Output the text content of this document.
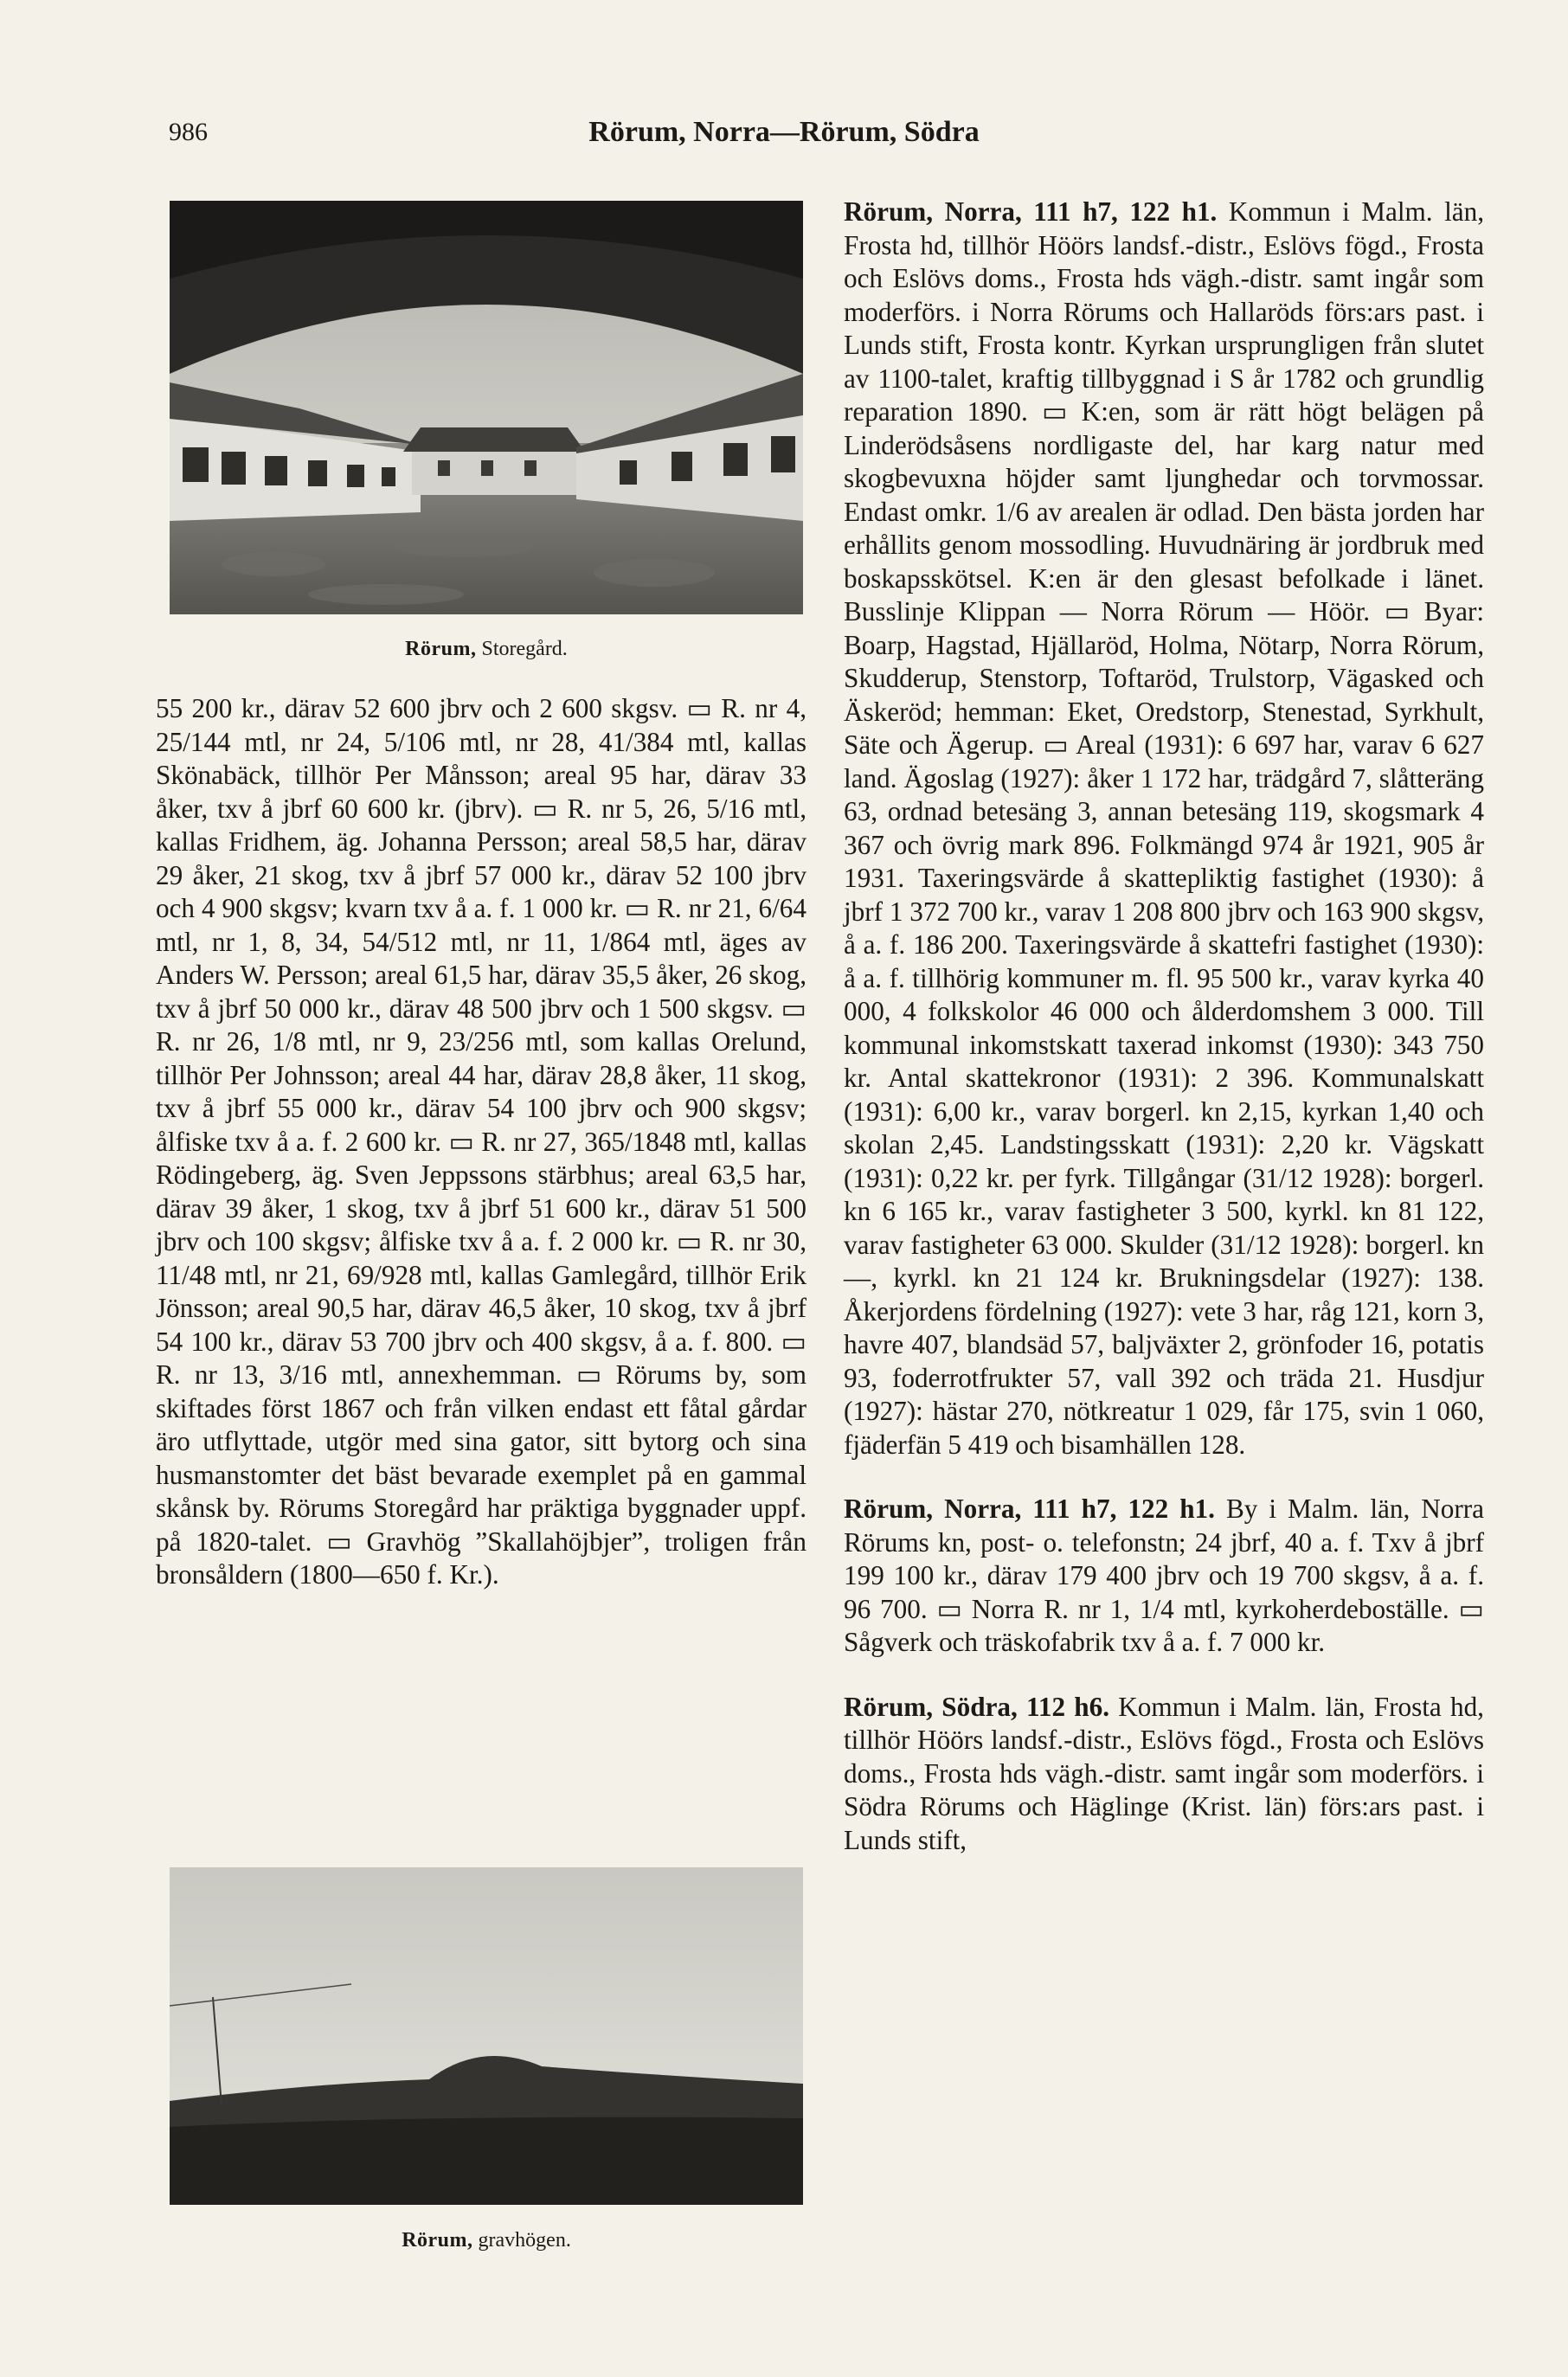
986	Rörum, Norra—Rörum, Södra
Rörum, Storegård.

55 200 kr., därav 52 600 jbrv och 2 600 skgsv. ▭ R. nr 4, 25/144 mtl, nr 24, 5/106 mtl, nr 28, 41/384 mtl, kallas Skönabäck, tillhör Per Månsson; areal 95 har, därav 33 åker, txv å jbrf 60 600 kr. (jbrv). ▭ R. nr 5, 26, 5/16 mtl, kallas Fridhem, äg. Johanna Persson; areal 58,5 har, därav 29 åker, 21 skog, txv å jbrf 57 000 kr., därav 52 100 jbrv och 4 900 skgsv; kvarn txv å a. f. 1 000 kr. ▭ R. nr 21, 6/64 mtl, nr 1, 8, 34, 54/512 mtl, nr 11, 1/864 mtl, äges av Anders W. Persson; areal 61,5 har, därav 35,5 åker, 26 skog, txv å jbrf 50 000 kr., därav 48 500 jbrv och 1 500 skgsv. ▭ R. nr 26, 1/8 mtl, nr 9, 23/256 mtl, som kallas Orelund, tillhör Per Johnsson; areal 44 har, därav 28,8 åker, 11 skog, txv å jbrf 55 000 kr., därav 54 100 jbrv och 900 skgsv; ålfiske txv å a. f. 2 600 kr. ▭ R. nr 27, 365/1848 mtl, kallas Rödingeberg, äg. Sven Jeppssons stärbhus; areal 63,5 har, därav 39 åker, 1 skog, txv å jbrf 51 600 kr., därav 51 500 jbrv och 100 skgsv; ålfiske txv å a. f. 2 000 kr. ▭ R. nr 30, 11/48 mtl, nr 21, 69/928 mtl, kallas Gamlegård, tillhör Erik Jönsson; areal 90,5 har, därav 46,5 åker, 10 skog, txv å jbrf 54 100 kr., därav 53 700 jbrv och 400 skgsv, å a. f. 800. ▭ R. nr 13, 3/16 mtl, annexhemman. ▭ Rörums by, som skiftades först 1867 och från vilken endast ett fåtal gårdar äro utflyttade, utgör med sina gator, sitt bytorg och sina husmanstomter det bäst bevarade exemplet på en gammal skånsk by. Rörums Storegård har präktiga byggnader uppf. på 1820-talet. ▭ Gravhög ”Skallahöjbjer”, troligen från bronsåldern (1800—650 f. Kr.).

Rörum, gravhögen.

Rörum, Norra, 111 h7, 122 h1. Kommun i Malm. län, Frosta hd, tillhör Höörs landsf.-distr., Eslövs fögd., Frosta och Eslövs doms., Frosta hds vägh.-distr. samt ingår som moderförs. i Norra Rörums och Hallaröds förs:ars past. i Lunds stift, Frosta kontr. Kyrkan ursprungligen från slutet av 1100-talet, kraftig tillbyggnad i S år 1782 och grundlig reparation 1890. ▭ K:en, som är rätt högt belägen på Linderödsåsens nordligaste del, har karg natur med skogbevuxna höjder samt ljunghedar och torvmossar. Endast omkr. 1/6 av arealen är odlad. Den bästa jorden har erhållits genom mossodling. Huvudnäring är jordbruk med boskapsskötsel. K:en är den glesast befolkade i länet. Busslinje Klippan — Norra Rörum — Höör. ▭ Byar: Boarp, Hagstad, Hjällaröd, Holma, Nötarp, Norra Rörum, Skudderup, Stenstorp, Toftaröd, Trulstorp, Vägasked och Äskeröd; hemman: Eket, Oredstorp, Stenestad, Syrkhult, Säte och Ägerup. ▭ Areal (1931): 6 697 har, varav 6 627 land. Ägoslag (1927): åker 1 172 har, trädgård 7, slåtteräng 63, ordnad betesäng 3, annan betesäng 119, skogsmark 4 367 och övrig mark 896. Folkmängd 974 år 1921, 905 år 1931. Taxeringsvärde å skattepliktig fastighet (1930): å jbrf 1 372 700 kr., varav 1 208 800 jbrv och 163 900 skgsv, å a. f. 186 200. Taxeringsvärde å skattefri fastighet (1930): å a. f. tillhörig kommuner m. fl. 95 500 kr., varav kyrka 40 000, 4 folkskolor 46 000 och ålderdomshem 3 000. Till kommunal inkomstskatt taxerad inkomst (1930): 343 750 kr. Antal skattekronor (1931): 2 396. Kommunalskatt (1931): 6,00 kr., varav borgerl. kn 2,15, kyrkan 1,40 och skolan 2,45. Landstingsskatt (1931): 2,20 kr. Vägskatt (1931): 0,22 kr. per fyrk. Tillgångar (31/12 1928): borgerl. kn 6 165 kr., varav fastigheter 3 500, kyrkl. kn 81 122, varav fastigheter 63 000. Skulder (31/12 1928): borgerl. kn —, kyrkl. kn 21 124 kr. Brukningsdelar (1927): 138. Åkerjordens fördelning (1927): vete 3 har, råg 121, korn 3, havre 407, blandsäd 57, baljväxter 2, grönfoder 16, potatis 93, foderrotfrukter 57, vall 392 och träda 21. Husdjur (1927): hästar 270, nötkreatur 1 029, får 175, svin 1 060, fjäderfän 5 419 och bisamhällen 128.

Rörum, Norra, 111 h7, 122 h1. By i Malm. län, Norra Rörums kn, post- o. telefonstn; 24 jbrf, 40 a. f. Txv å jbrf 199 100 kr., därav 179 400 jbrv och 19 700 skgsv, å a. f. 96 700. ▭ Norra R. nr 1, 1/4 mtl, kyrkoherdeboställe. ▭ Sågverk och träskofabrik txv å a. f. 7 000 kr.

Rörum, Södra, 112 h6. Kommun i Malm. län, Frosta hd, tillhör Höörs landsf.-distr., Eslövs fögd., Frosta och Eslövs doms., Frosta hds vägh.-distr. samt ingår som moderförs. i Södra Rörums och Häglinge (Krist. län) förs:ars past. i Lunds stift,
